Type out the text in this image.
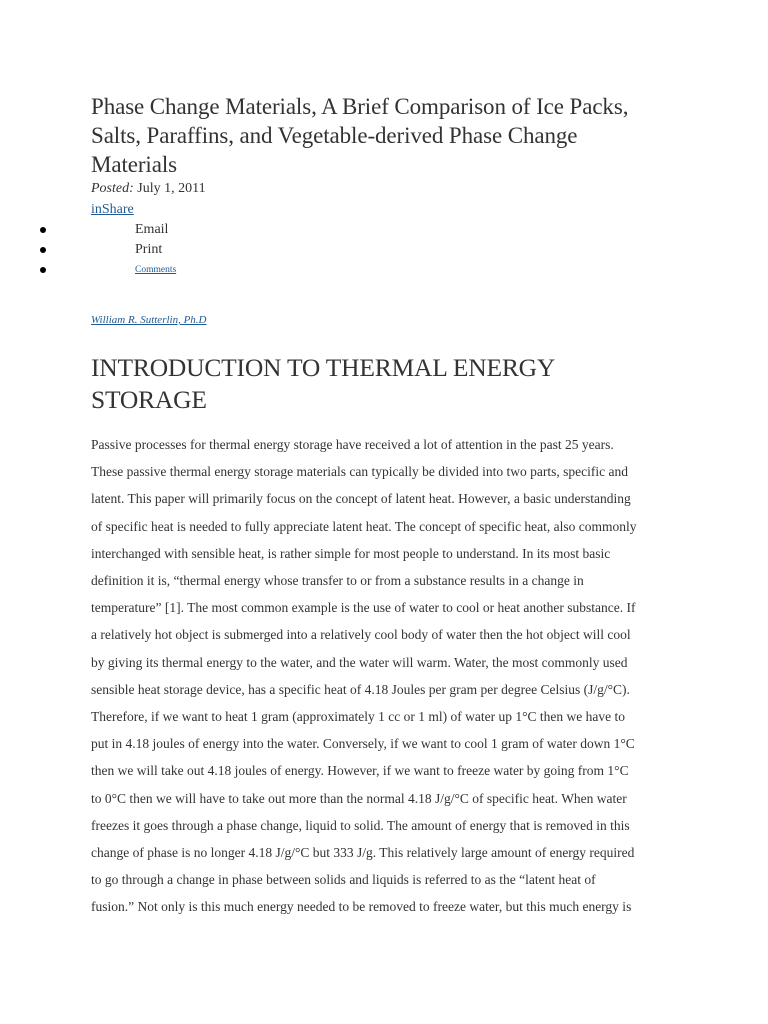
Phase Change Materials, A Brief Comparison of Ice Packs,
Salts, Paraffins, and Vegetable-derived Phase Change
Materials

Posted: July 1, 2011

inShare
Email
Print
Comments
William R. Sutterlin, Ph.D
INTRODUCTION TO THERMAL ENERGY
STORAGE
Passive processes for thermal energy storage have received a lot of attention in the past 25 years.
These passive thermal energy storage materials can typically be divided into two parts, specific and
latent. This paper will primarily focus on the concept of latent heat. However, a basic understanding
of specific heat is needed to fully appreciate latent heat. The concept of specific heat, also commonly
interchanged with sensible heat, is rather simple for most people to understand. In its most basic
definition it is, “thermal energy whose transfer to or from a substance results in a change in
temperature” [1]. The most common example is the use of water to cool or heat another substance. If
a relatively hot object is submerged into a relatively cool body of water then the hot object will cool
by giving its thermal energy to the water, and the water will warm. Water, the most commonly used
sensible heat storage device, has a specific heat of 4.18 Joules per gram per degree Celsius (J/g/°C).
Therefore, if we want to heat 1 gram (approximately 1 cc or 1 ml) of water up 1°C then we have to
put in 4.18 joules of energy into the water. Conversely, if we want to cool 1 gram of water down 1°C
then we will take out 4.18 joules of energy. However, if we want to freeze water by going from 1°C
to 0°C then we will have to take out more than the normal 4.18 J/g/°C of specific heat. When water
freezes it goes through a phase change, liquid to solid. The amount of energy that is removed in this
change of phase is no longer 4.18 J/g/°C but 333 J/g. This relatively large amount of energy required
to go through a change in phase between solids and liquids is referred to as the “latent heat of
fusion.” Not only is this much energy needed to be removed to freeze water, but this much energy is
